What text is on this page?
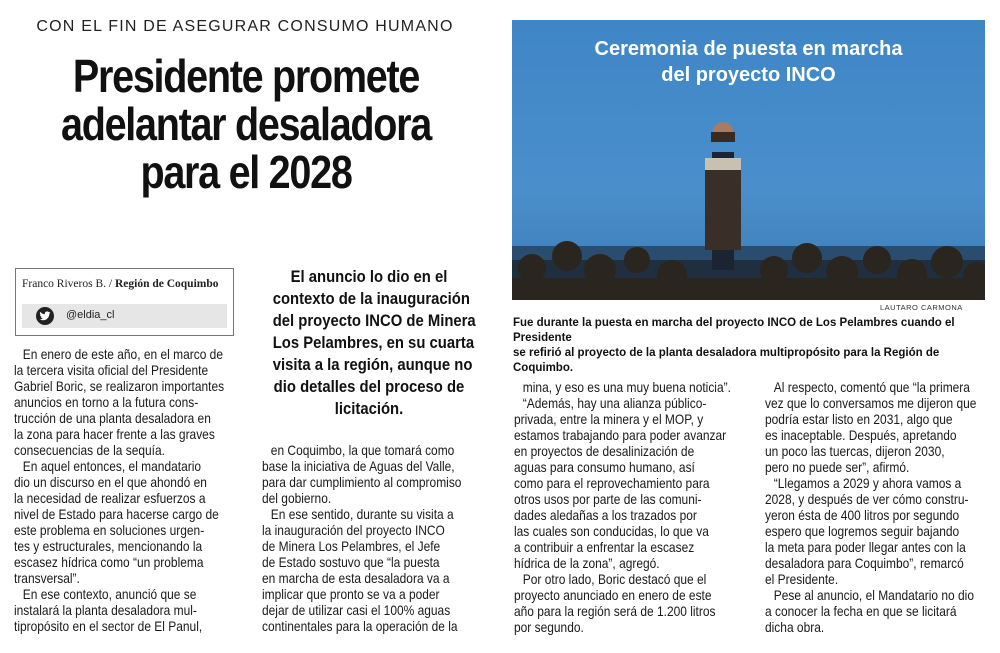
CON EL FIN DE ASEGURAR CONSUMO HUMANO
Presidente promete
adelantar desaladora
para el 2028
Franco Riveros B. / Región de Coquimbo
@eldia_cl
El anuncio lo dio en el
contexto de la inauguración
del proyecto INCO de Minera
Los Pelambres, en su cuarta
visita a la región, aunque no
dio detalles del proceso de
licitación.
Ceremonia de puesta en marcha
del proyecto INCO
LAUTARO CARMONA
Fue durante la puesta en marcha del proyecto INCO de Los Pelambres cuando el Presidente
se refirió al proyecto de la planta desaladora multipropósito para la Región de Coquimbo.

En enero de este año, en el marco de
la tercera visita oficial del Presidente
Gabriel Boric, se realizaron importantes
anuncios en torno a la futura cons-
trucción de una planta desaladora en
la zona para hacer frente a las graves
consecuencias de la sequía.

En aquel entonces, el mandatario
dio un discurso en el que ahondó en
la necesidad de realizar esfuerzos a
nivel de Estado para hacerse cargo de
este problema en soluciones urgen-
tes y estructurales, mencionando la
escasez hídrica como “un problema
transversal”.

En ese contexto, anunció que se
instalará la planta desaladora mul-
tipropósito en el sector de El Panul,

en Coquimbo, la que tomará como
base la iniciativa de Aguas del Valle,
para dar cumplimiento al compromiso
del gobierno.

En ese sentido, durante su visita a
la inauguración del proyecto INCO
de Minera Los Pelambres, el Jefe
de Estado sostuvo que “la puesta
en marcha de esta desaladora va a
implicar que pronto se va a poder
dejar de utilizar casi el 100% aguas
continentales para la operación de la

mina, y eso es una muy buena noticia”.

“Además, hay una alianza público-
privada, entre la minera y el MOP, y
estamos trabajando para poder avanzar
en proyectos de desalinización de
aguas para consumo humano, así
como para el reprovechamiento para
otros usos por parte de las comuni-
dades aledañas a los trazados por
las cuales son conducidas, lo que va
a contribuir a enfrentar la escasez
hídrica de la zona”, agregó.

Por otro lado, Boric destacó que el
proyecto anunciado en enero de este
año para la región será de 1.200 litros
por segundo.

Al respecto, comentó que “la primera
vez que lo conversamos me dijeron que
podría estar listo en 2031, algo que
es inaceptable. Después, apretando
un poco las tuercas, dijeron 2030,
pero no puede ser”, afirmó.

“Llegamos a 2029 y ahora vamos a
2028, y después de ver cómo constru-
yeron ésta de 400 litros por segundo
espero que logremos seguir bajando
la meta para poder llegar antes con la
desaladora para Coquimbo”, remarcó
el Presidente.

Pese al anuncio, el Mandatario no dio
a conocer la fecha en que se licitará
dicha obra.
